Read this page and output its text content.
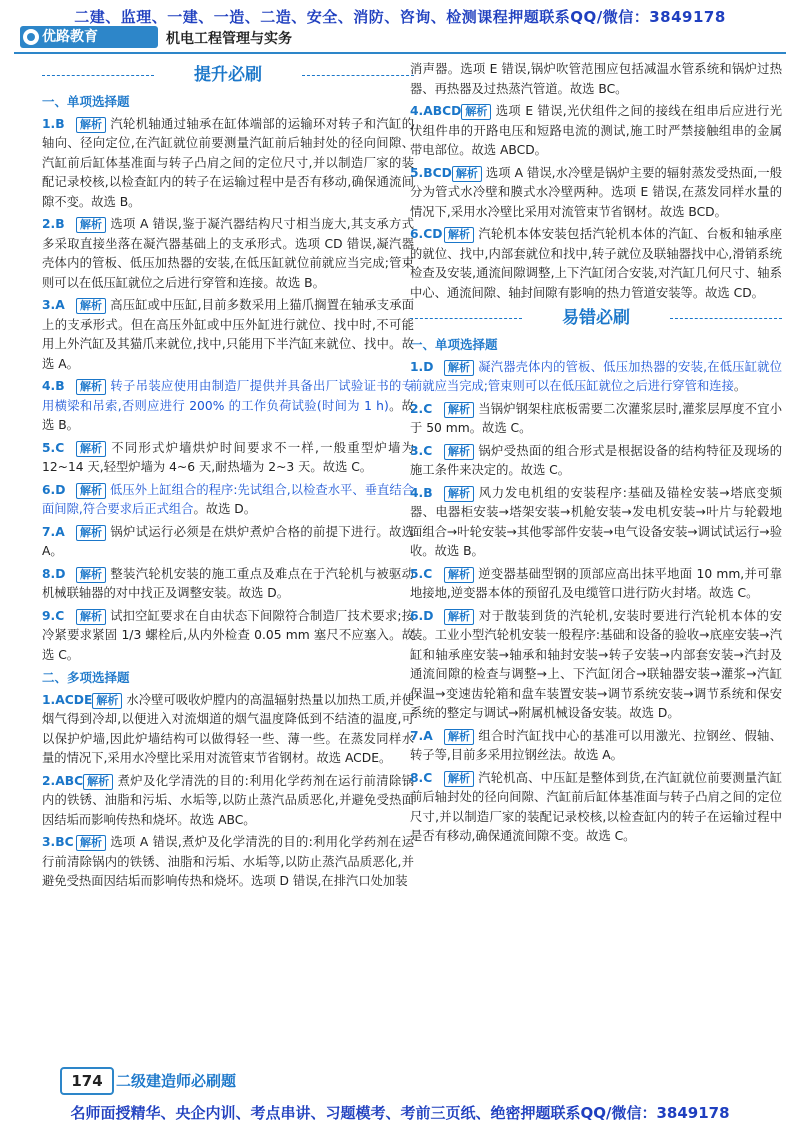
二建、监理、一建、一造、二造、安全、消防、咨询、检测课程押题联系QQ/微信：3849178
优路教育	机电工程管理与实务
提升必刷
一、单项选择题
1.B 解析 汽轮机轴通过轴承在缸体端部的运输环对转子和汽缸的轴向、径向定位,在汽缸就位前要测量汽缸前后轴封处的径向间隙、汽缸前后缸体基准面与转子凸肩之间的定位尺寸,并以制造厂家的装配记录校核,以检查缸内的转子在运输过程中是否有移动,确保通流间隙不变。故选 B。
2.B 解析 选项 A 错误,鉴于凝汽器结构尺寸相当庞大,其支承方式多采取直接坐落在凝汽器基础上的支承形式。选项 CD 错误,凝汽器壳体内的管板、低压加热器的安装,在低压缸就位前就应当完成;管束则可以在低压缸就位之后进行穿管和连接。故选 B。
3.A 解析 高压缸或中压缸,目前多数采用上猫爪搁置在轴承支承面上的支承形式。但在高压外缸或中压外缸进行就位、找中时,不可能用上外汽缸及其猫爪来就位,找中,只能用下半汽缸来就位、找中。故选 A。
4.B 解析 转子吊装应使用由制造厂提供并具备出厂试验证书的专用横梁和吊索,否则应进行 200% 的工作负荷试验(时间为 1 h)。故选 B。
5.C 解析 不同形式炉墙烘炉时间要求不一样,一般重型炉墙为 12~14 天,轻型炉墙为 4~6 天,耐热墙为 2~3 天。故选 C。
6.D 解析 低压外上缸组合的程序:先试组合,以检查水平、垂直结合面间隙,符合要求后正式组合。故选 D。
7.A 解析 锅炉试运行必须是在烘炉煮炉合格的前提下进行。故选 A。
8.D 解析 整装汽轮机安装的施工重点及难点在于汽轮机与被驱动机械联轴器的对中找正及调整安装。故选 D。
9.C 解析 试扣空缸要求在自由状态下间隙符合制造厂技术要求;按冷紧要求紧固 1/3 螺栓后,从内外检查 0.05 mm 塞尺不应塞入。故选 C。
二、多项选择题
1.ACDE 解析 水冷壁可吸收炉膛内的高温辐射热量以加热工质,并使烟气得到冷却,以便进入对流烟道的烟气温度降低到不结渣的温度,可以保护炉墙,因此炉墙结构可以做得轻一些、薄一些。在蒸发同样水量的情况下,采用水冷壁比采用对流管束节省钢材。故选 ACDE。
2.ABC 解析 煮炉及化学清洗的目的:利用化学药剂在运行前清除锅内的铁锈、油脂和污垢、水垢等,以防止蒸汽品质恶化,并避免受热面因结垢而影响传热和烧坏。故选 ABC。
3.BC 解析 选项 A 错误,煮炉及化学清洗的目的:利用化学药剂在运行前清除锅内的铁锈、油脂和污垢、水垢等,以防止蒸汽品质恶化,并避免受热面因结垢而影响传热和烧坏。选项 D 错误,在排汽口处加装
消声器。选项 E 错误,锅炉吹管范围应包括减温水管系统和锅炉过热器、再热器及过热蒸汽管道。故选 BC。
4.ABCD 解析 选项 E 错误,光伏组件之间的接线在组串后应进行光伏组件串的开路电压和短路电流的测试,施工时严禁接触组串的金属带电部位。故选 ABCD。
5.BCD 解析 选项 A 错误,水冷壁是锅炉主要的辐射蒸发受热面,一般分为管式水冷壁和膜式水冷壁两种。选项 E 错误,在蒸发同样水量的情况下,采用水冷壁比采用对流管束节省钢材。故选 BCD。
6.CD 解析 汽轮机本体安装包括汽轮机本体的汽缸、台板和轴承座的就位、找中,内部套就位和找中,转子就位及联轴器找中心,滑销系统检查及安装,通流间隙调整,上下汽缸闭合安装,对汽缸几何尺寸、轴系中心、通流间隙、轴封间隙有影响的热力管道安装等。故选 CD。
易错必刷
一、单项选择题
1.D 解析 凝汽器壳体内的管板、低压加热器的安装,在低压缸就位前就应当完成;管束则可以在低压缸就位之后进行穿管和连接。
2.C 解析 当锅炉钢架柱底板需要二次灌浆层时,灌浆层厚度不宜小于 50 mm。故选 C。
3.C 解析 锅炉受热面的组合形式是根据设备的结构特征及现场的施工条件来决定的。故选 C。
4.B 解析 风力发电机组的安装程序:基础及锚栓安装→塔底变频器、电器柜安装→塔架安装→机舱安装→发电机安装→叶片与轮毂地面组合→叶轮安装→其他零部件安装→电气设备安装→调试试运行→验收。故选 B。
5.C 解析 逆变器基础型钢的顶部应高出抹平地面 10 mm,并可靠地接地,逆变器本体的预留孔及电缆管口进行防火封堵。故选 C。
6.D 解析 对于散装到货的汽轮机,安装时要进行汽轮机本体的安装。工业小型汽轮机安装一般程序:基础和设备的验收→底座安装→汽缸和轴承座安装→轴承和轴封安装→转子安装→内部套安装→汽封及通流间隙的检查与调整→上、下汽缸闭合→联轴器安装→灌浆→汽缸保温→变速齿轮箱和盘车装置安装→调节系统安装→调节系统和保安系统的整定与调试→附属机械设备安装。故选 D。
7.A 解析 组合时汽缸找中心的基准可以用激光、拉钢丝、假轴、转子等,目前多采用拉钢丝法。故选 A。
8.C 解析 汽轮机高、中压缸是整体到货,在汽缸就位前要测量汽缸前后轴封处的径向间隙、汽缸前后缸体基准面与转子凸肩之间的定位尺寸,并以制造厂家的装配记录校核,以检查缸内的转子在运输过程中是否有移动,确保通流间隙不变。故选 C。
174 二级建造师必刷题
名师面授精华、央企内训、考点串讲、习题模考、考前三页纸、绝密押题联系QQ/微信：3849178
